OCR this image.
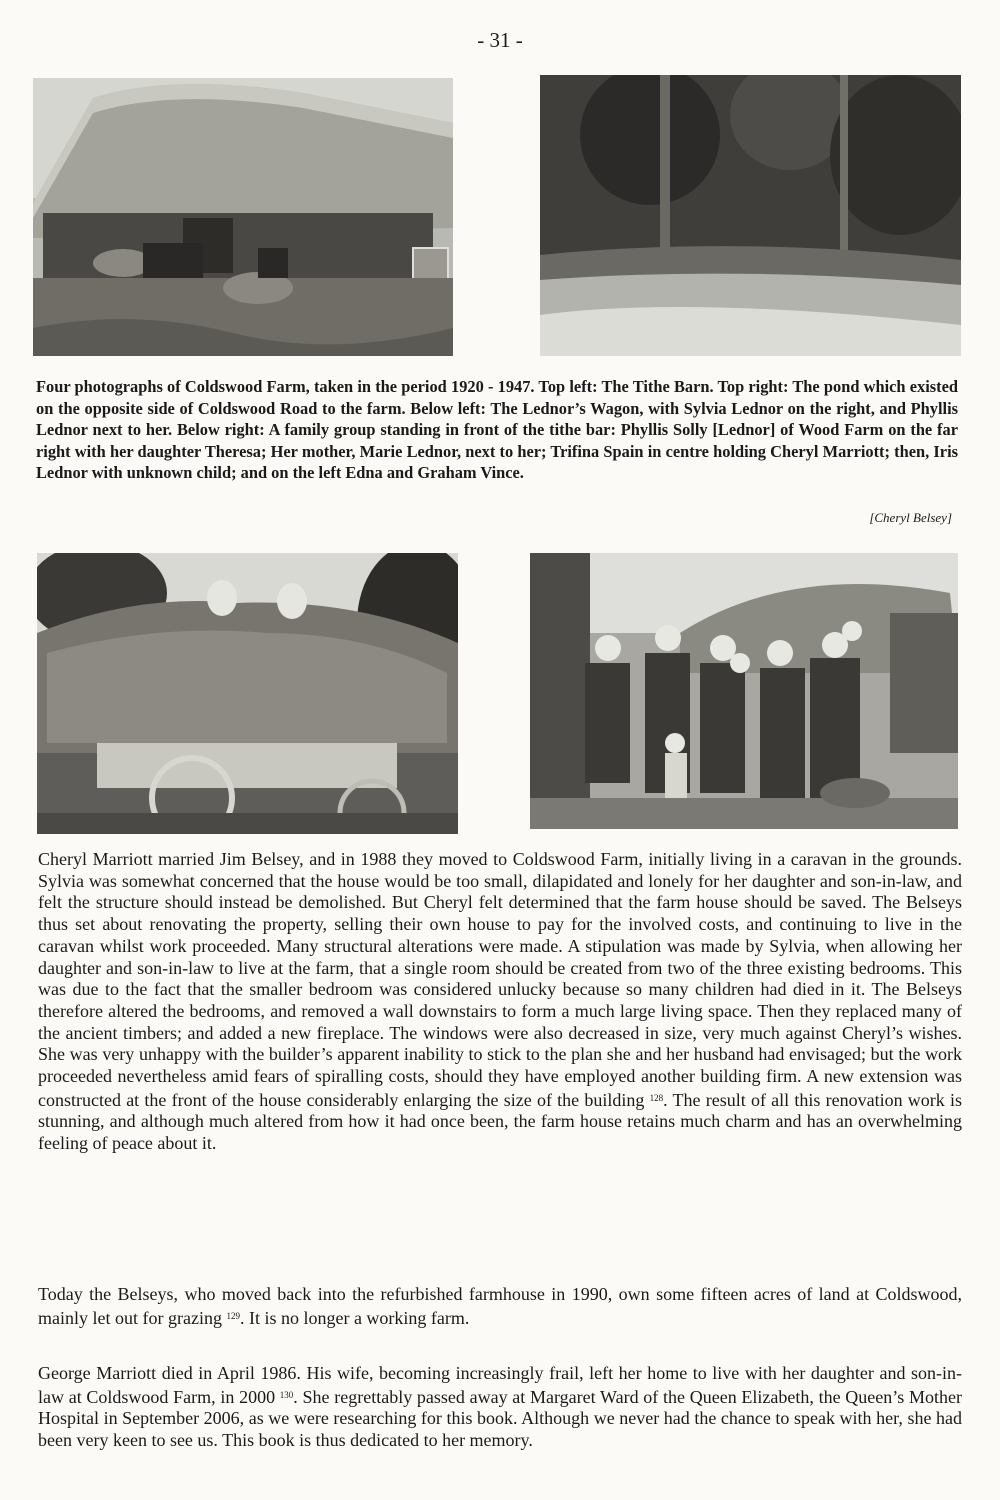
- 31 -
Four photographs of Coldswood Farm, taken in the period 1920 - 1947. Top left: The Tithe Barn. Top right: The pond which existed on the opposite side of Coldswood Road to the farm. Below left: The Lednor’s Wagon, with Sylvia Lednor on the right, and Phyllis Lednor next to her. Below right: A family group standing in front of the tithe bar: Phyllis Solly [Lednor] of Wood Farm on the far right with her daughter Theresa; Her mother, Marie Lednor, next to her; Trifina Spain in centre holding Cheryl Marriott; then, Iris Lednor with unknown child; and on the left Edna and Graham Vince.
[Cheryl Belsey]
Cheryl Marriott married Jim Belsey, and in 1988 they moved to Coldswood Farm, initially living in a caravan in the grounds. Sylvia was somewhat concerned that the house would be too small, dilapidated and lonely for her daughter and son-in-law, and felt the structure should instead be demolished. But Cheryl felt determined that the farm house should be saved. The Belseys thus set about renovating the property, selling their own house to pay for the involved costs, and continuing to live in the caravan whilst work proceeded. Many structural alterations were made. A stipulation was made by Sylvia, when allowing her daughter and son-in-law to live at the farm, that a single room should be created from two of the three existing bedrooms. This was due to the fact that the smaller bedroom was considered unlucky because so many children had died in it. The Belseys therefore altered the bedrooms, and removed a wall downstairs to form a much large living space. Then they replaced many of the ancient timbers; and added a new fireplace. The windows were also decreased in size, very much against Cheryl’s wishes. She was very unhappy with the builder’s apparent inability to stick to the plan she and her husband had envisaged; but the work proceeded nevertheless amid fears of spiralling costs, should they have employed another building firm. A new extension was constructed at the front of the house considerably enlarging the size of the building $^{128}$. The result of all this renovation work is stunning, and although much altered from how it had once been, the farm house retains much charm and has an overwhelming feeling of peace about it.
Today the Belseys, who moved back into the refurbished farmhouse in 1990, own some fifteen acres of land at Coldswood, mainly let out for grazing $^{129}$. It is no longer a working farm.
George Marriott died in April 1986. His wife, becoming increasingly frail, left her home to live with her daughter and son-in-law at Coldswood Farm, in 2000 $^{130}$. She regrettably passed away at Margaret Ward of the Queen Elizabeth, the Queen’s Mother Hospital in September 2006, as we were researching for this book. Although we never had the chance to speak with her, she had been very keen to see us. This book is thus dedicated to her memory.
